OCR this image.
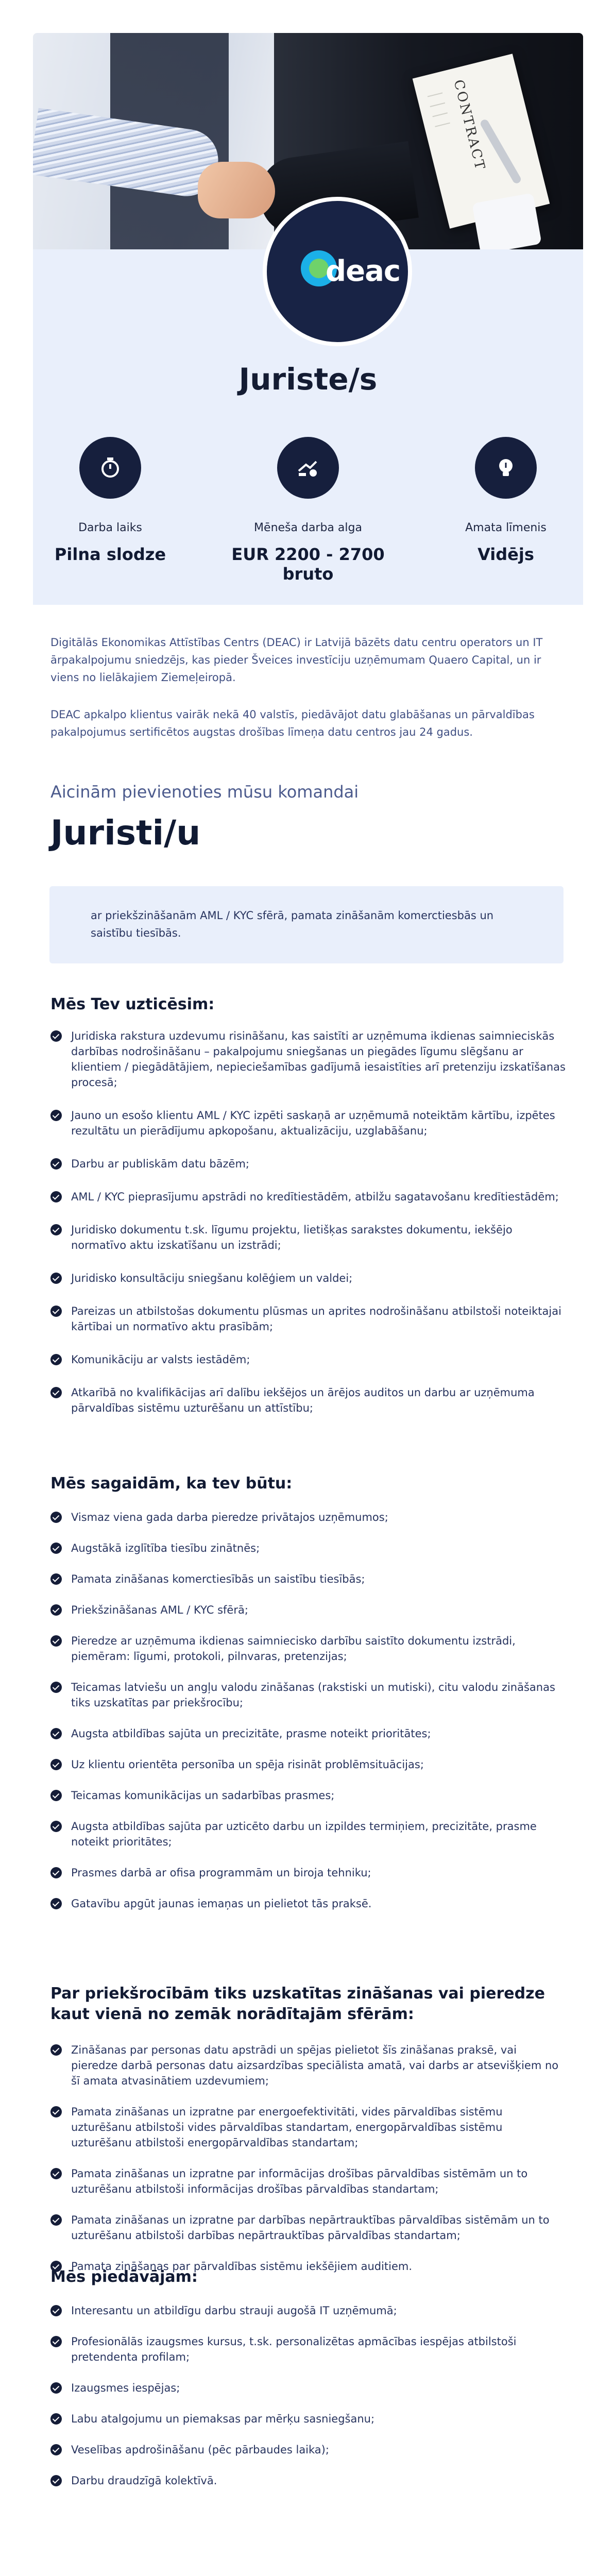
CONTRACT
deac
Juriste/s
Darba laiks
Pilna slodze
Mēneša darba alga
EUR 2200 - 2700 bruto
Amata līmenis
Vidējs

Digitālās Ekonomikas Attīstības Centrs (DEAC) ir Latvijā bāzēts datu centru operators un IT ārpakalpojumu sniedzējs, kas pieder Šveices investīciju uzņēmumam Quaero Capital, un ir viens no lielākajiem Ziemeļeiropā.

DEAC apkalpo klientus vairāk nekā 40 valstīs, piedāvājot datu glabāšanas un pārvaldības pakalpojumus sertificētos augstas drošības līmeņa datu centros jau 24 gadus.

Aicinām pievienoties mūsu komandai
Juristi/u
ar priekšzināšanām AML / KYC sfērā, pamata zināšanām komerctiesbās un saistību tiesībās.
Mēs Tev uzticēsim:
Juridiska rakstura uzdevumu risināšanu, kas saistīti ar uzņēmuma ikdienas saimnieciskās darbības nodrošināšanu – pakalpojumu sniegšanas un piegādes līgumu slēgšanu ar klientiem / piegādātājiem, nepieciešamības gadījumā iesaistīties arī pretenziju izskatīšanas procesā;
Jauno un esošo klientu AML / KYC izpēti saskaņā ar uzņēmumā noteiktām kārtību, izpētes rezultātu un pierādījumu apkopošanu, aktualizāciju, uzglabāšanu;
Darbu ar publiskām datu bāzēm;
AML / KYC pieprasījumu apstrādi no kredītiestādēm, atbilžu sagatavošanu kredītiestādēm;
Juridisko dokumentu t.sk. līgumu projektu, lietišķas sarakstes dokumentu, iekšējo normatīvo aktu izskatīšanu un izstrādi;
Juridisko konsultāciju sniegšanu kolēģiem un valdei;
Pareizas un atbilstošas dokumentu plūsmas un aprites nodrošināšanu atbilstoši noteiktajai kārtībai un normatīvo aktu prasībām;
Komunikāciju ar valsts iestādēm;
Atkarībā no kvalifikācijas arī dalību iekšējos un ārējos auditos un darbu ar uzņēmuma pārvaldības sistēmu uzturēšanu un attīstību;
Mēs sagaidām, ka tev būtu:
Vismaz viena gada darba pieredze privātajos uzņēmumos;
Augstākā izglītība tiesību zinātnēs;
Pamata zināšanas komerctiesībās un saistību tiesībās;
Priekšzināšanas AML / KYC sfērā;
Pieredze ar uzņēmuma ikdienas saimniecisko darbību saistīto dokumentu izstrādi, piemēram: līgumi, protokoli, pilnvaras, pretenzijas;
Teicamas latviešu un angļu valodu zināšanas (rakstiski un mutiski), citu valodu zināšanas tiks uzskatītas par priekšrocību;
Augsta atbildības sajūta un precizitāte, prasme noteikt prioritātes;
Uz klientu orientēta personība un spēja risināt problēmsituācijas;
Teicamas komunikācijas un sadarbības prasmes;
Augsta atbildības sajūta par uzticēto darbu un izpildes termiņiem, precizitāte, prasme noteikt prioritātes;
Prasmes darbā ar ofisa programmām un biroja tehniku;
Gatavību apgūt jaunas iemaņas un pielietot tās praksē.
Par priekšrocībām tiks uzskatītas zināšanas vai pieredze kaut vienā no zemāk norādītajām sfērām:
Zināšanas par personas datu apstrādi un spējas pielietot šīs zināšanas praksē, vai pieredze darbā personas datu aizsardzības speciālista amatā, vai darbs ar atsevišķiem no šī amata atvasinātiem uzdevumiem;
Pamata zināšanas un izpratne par energoefektivitāti, vides pārvaldības sistēmu uzturēšanu atbilstoši vides pārvaldības standartam, energopārvaldības sistēmu uzturēšanu atbilstoši energopārvaldības standartam;
Pamata zināšanas un izpratne par informācijas drošības pārvaldības sistēmām un to uzturēšanu atbilstoši informācijas drošības pārvaldības standartam;
Pamata zināšanas un izpratne par darbības nepārtrauktības pārvaldības sistēmām un to uzturēšanu atbilstoši darbības nepārtrauktības pārvaldības standartam;
Pamata zināšanas par pārvaldības sistēmu iekšējiem auditiem.
Mēs piedāvājam:
Interesantu un atbildīgu darbu strauji augošā IT uzņēmumā;
Profesionālās izaugsmes kursus, t.sk. personalizētas apmācības iespējas atbilstoši pretendenta profilam;
Izaugsmes iespējas;
Labu atalgojumu un piemaksas par mērķu sasniegšanu;
Veselības apdrošināšanu (pēc pārbaudes laika);
Darbu draudzīgā kolektīvā.
